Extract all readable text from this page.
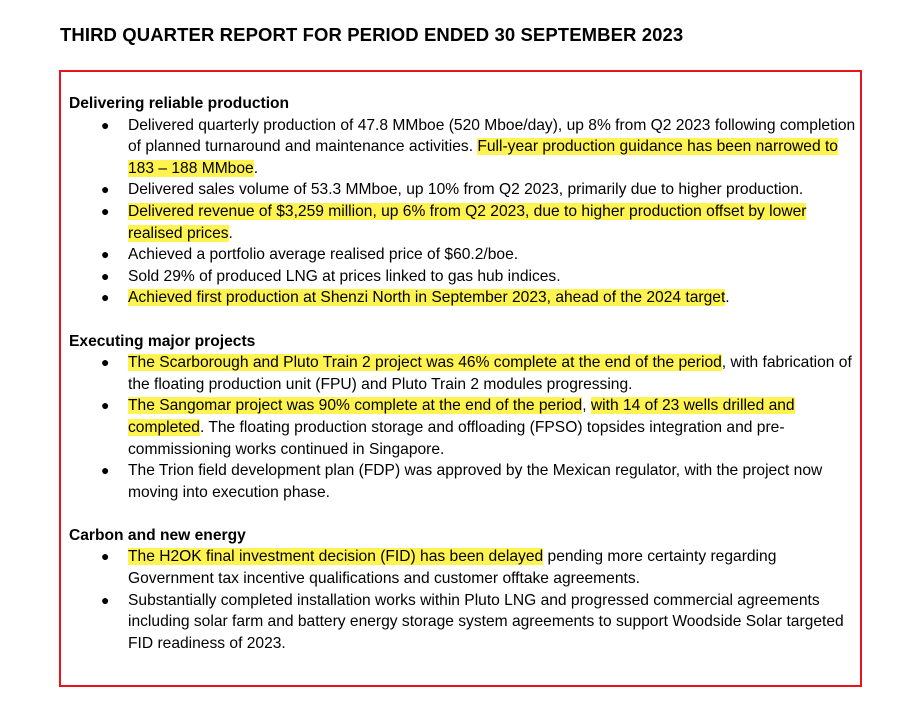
THIRD QUARTER REPORT FOR PERIOD ENDED 30 SEPTEMBER 2023
Delivering reliable production
● Delivered quarterly production of 47.8 MMboe (520 Mboe/day), up 8% from Q2 2023 following completion of planned turnaround and maintenance activities. Full-year production guidance has been narrowed to 183 – 188 MMboe.
● Delivered sales volume of 53.3 MMboe, up 10% from Q2 2023, primarily due to higher production.
● Delivered revenue of $3,259 million, up 6% from Q2 2023, due to higher production offset by lower realised prices.
● Achieved a portfolio average realised price of $60.2/boe.
● Sold 29% of produced LNG at prices linked to gas hub indices.
● Achieved first production at Shenzi North in September 2023, ahead of the 2024 target.
Executing major projects
● The Scarborough and Pluto Train 2 project was 46% complete at the end of the period, with fabrication of the floating production unit (FPU) and Pluto Train 2 modules progressing.
● The Sangomar project was 90% complete at the end of the period, with 14 of 23 wells drilled and completed. The floating production storage and offloading (FPSO) topsides integration and pre-commissioning works continued in Singapore.
● The Trion field development plan (FDP) was approved by the Mexican regulator, with the project now moving into execution phase.
Carbon and new energy
● The H2OK final investment decision (FID) has been delayed pending more certainty regarding Government tax incentive qualifications and customer offtake agreements.
● Substantially completed installation works within Pluto LNG and progressed commercial agreements including solar farm and battery energy storage system agreements to support Woodside Solar targeted FID readiness of 2023.
